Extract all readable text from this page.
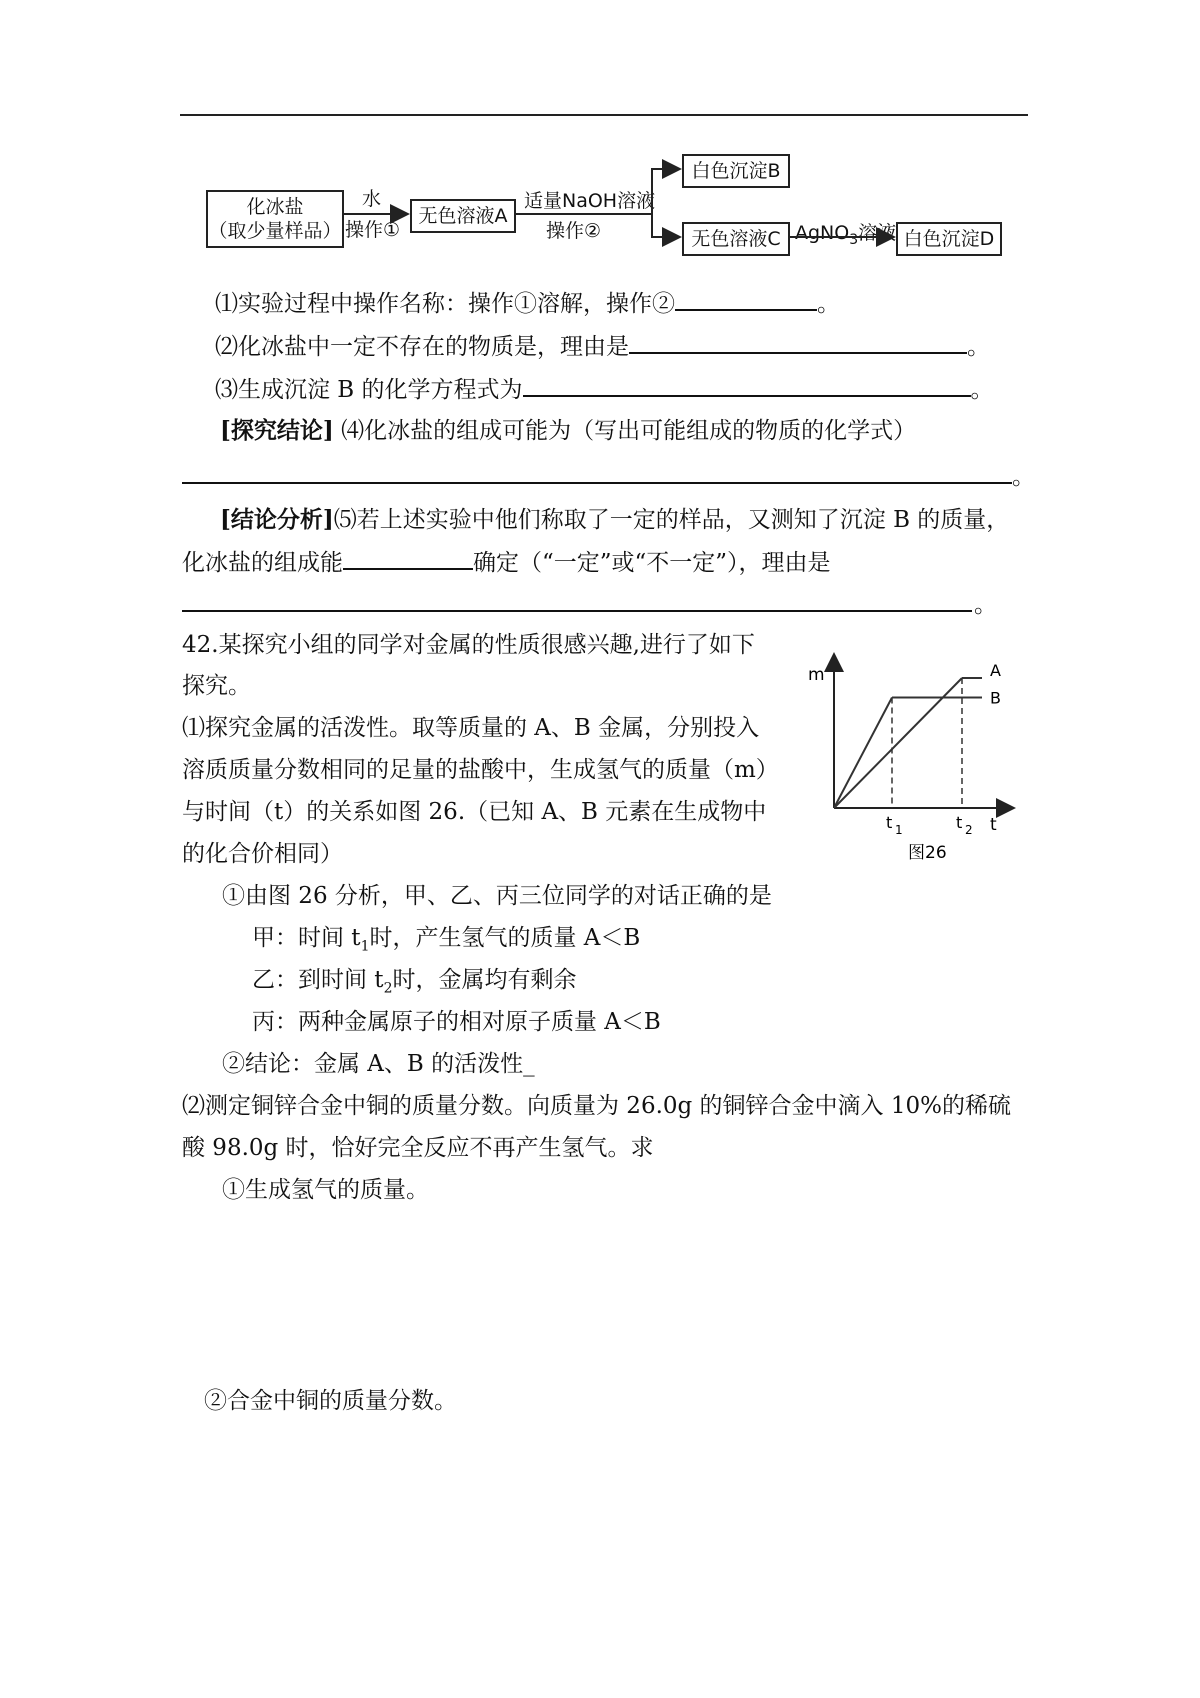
化冰盐
（取少量样品）
水
操作①
无色溶液A
适量NaOH溶液
操作②
白色沉淀B
无色溶液C AgNO$_3$溶液 白色沉淀D
⑴实验过程中操作名称：操作①溶解，操作②	。
⑵化冰盐中一定不存在的物质是，理由是	。
⑶生成沉淀 B 的化学方程式为	。
[探究结论] ⑷化冰盐的组成可能为（写出可能组成的物质的化学式）
。
[结论分析]⑸若上述实验中他们称取了一定的样品，又测知了沉淀 B 的质量，
化冰盐的组成能	确定（“一定”或“不一定”），理由是
。
42.某探究小组的同学对金属的性质很感兴趣,进行了如下
探究。
⑴探究金属的活泼性。取等质量的 A、B 金属，分别投入
溶质质量分数相同的足量的盐酸中，生成氢气的质量（m）
与时间（t）的关系如图 26.（已知 A、B 元素在生成物中
的化合价相同）
①由图 26 分析，甲、乙、丙三位同学的对话正确的是
甲：时间 $t_1$时，产生氢气的质量 A＜B
乙：到时间 $t_2$时，金属均有剩余
丙：两种金属原子的相对原子质量 A＜B
②结论：金属 A、B 的活泼性_
⑵测定铜锌合金中铜的质量分数。向质量为 26.0g 的铜锌合金中滴入 10%的稀硫
酸 98.0g 时，恰好完全反应不再产生氢气。求
①生成氢气的质量。
②合金中铜的质量分数。
m
t
A
B
t 1	t 2
图26
